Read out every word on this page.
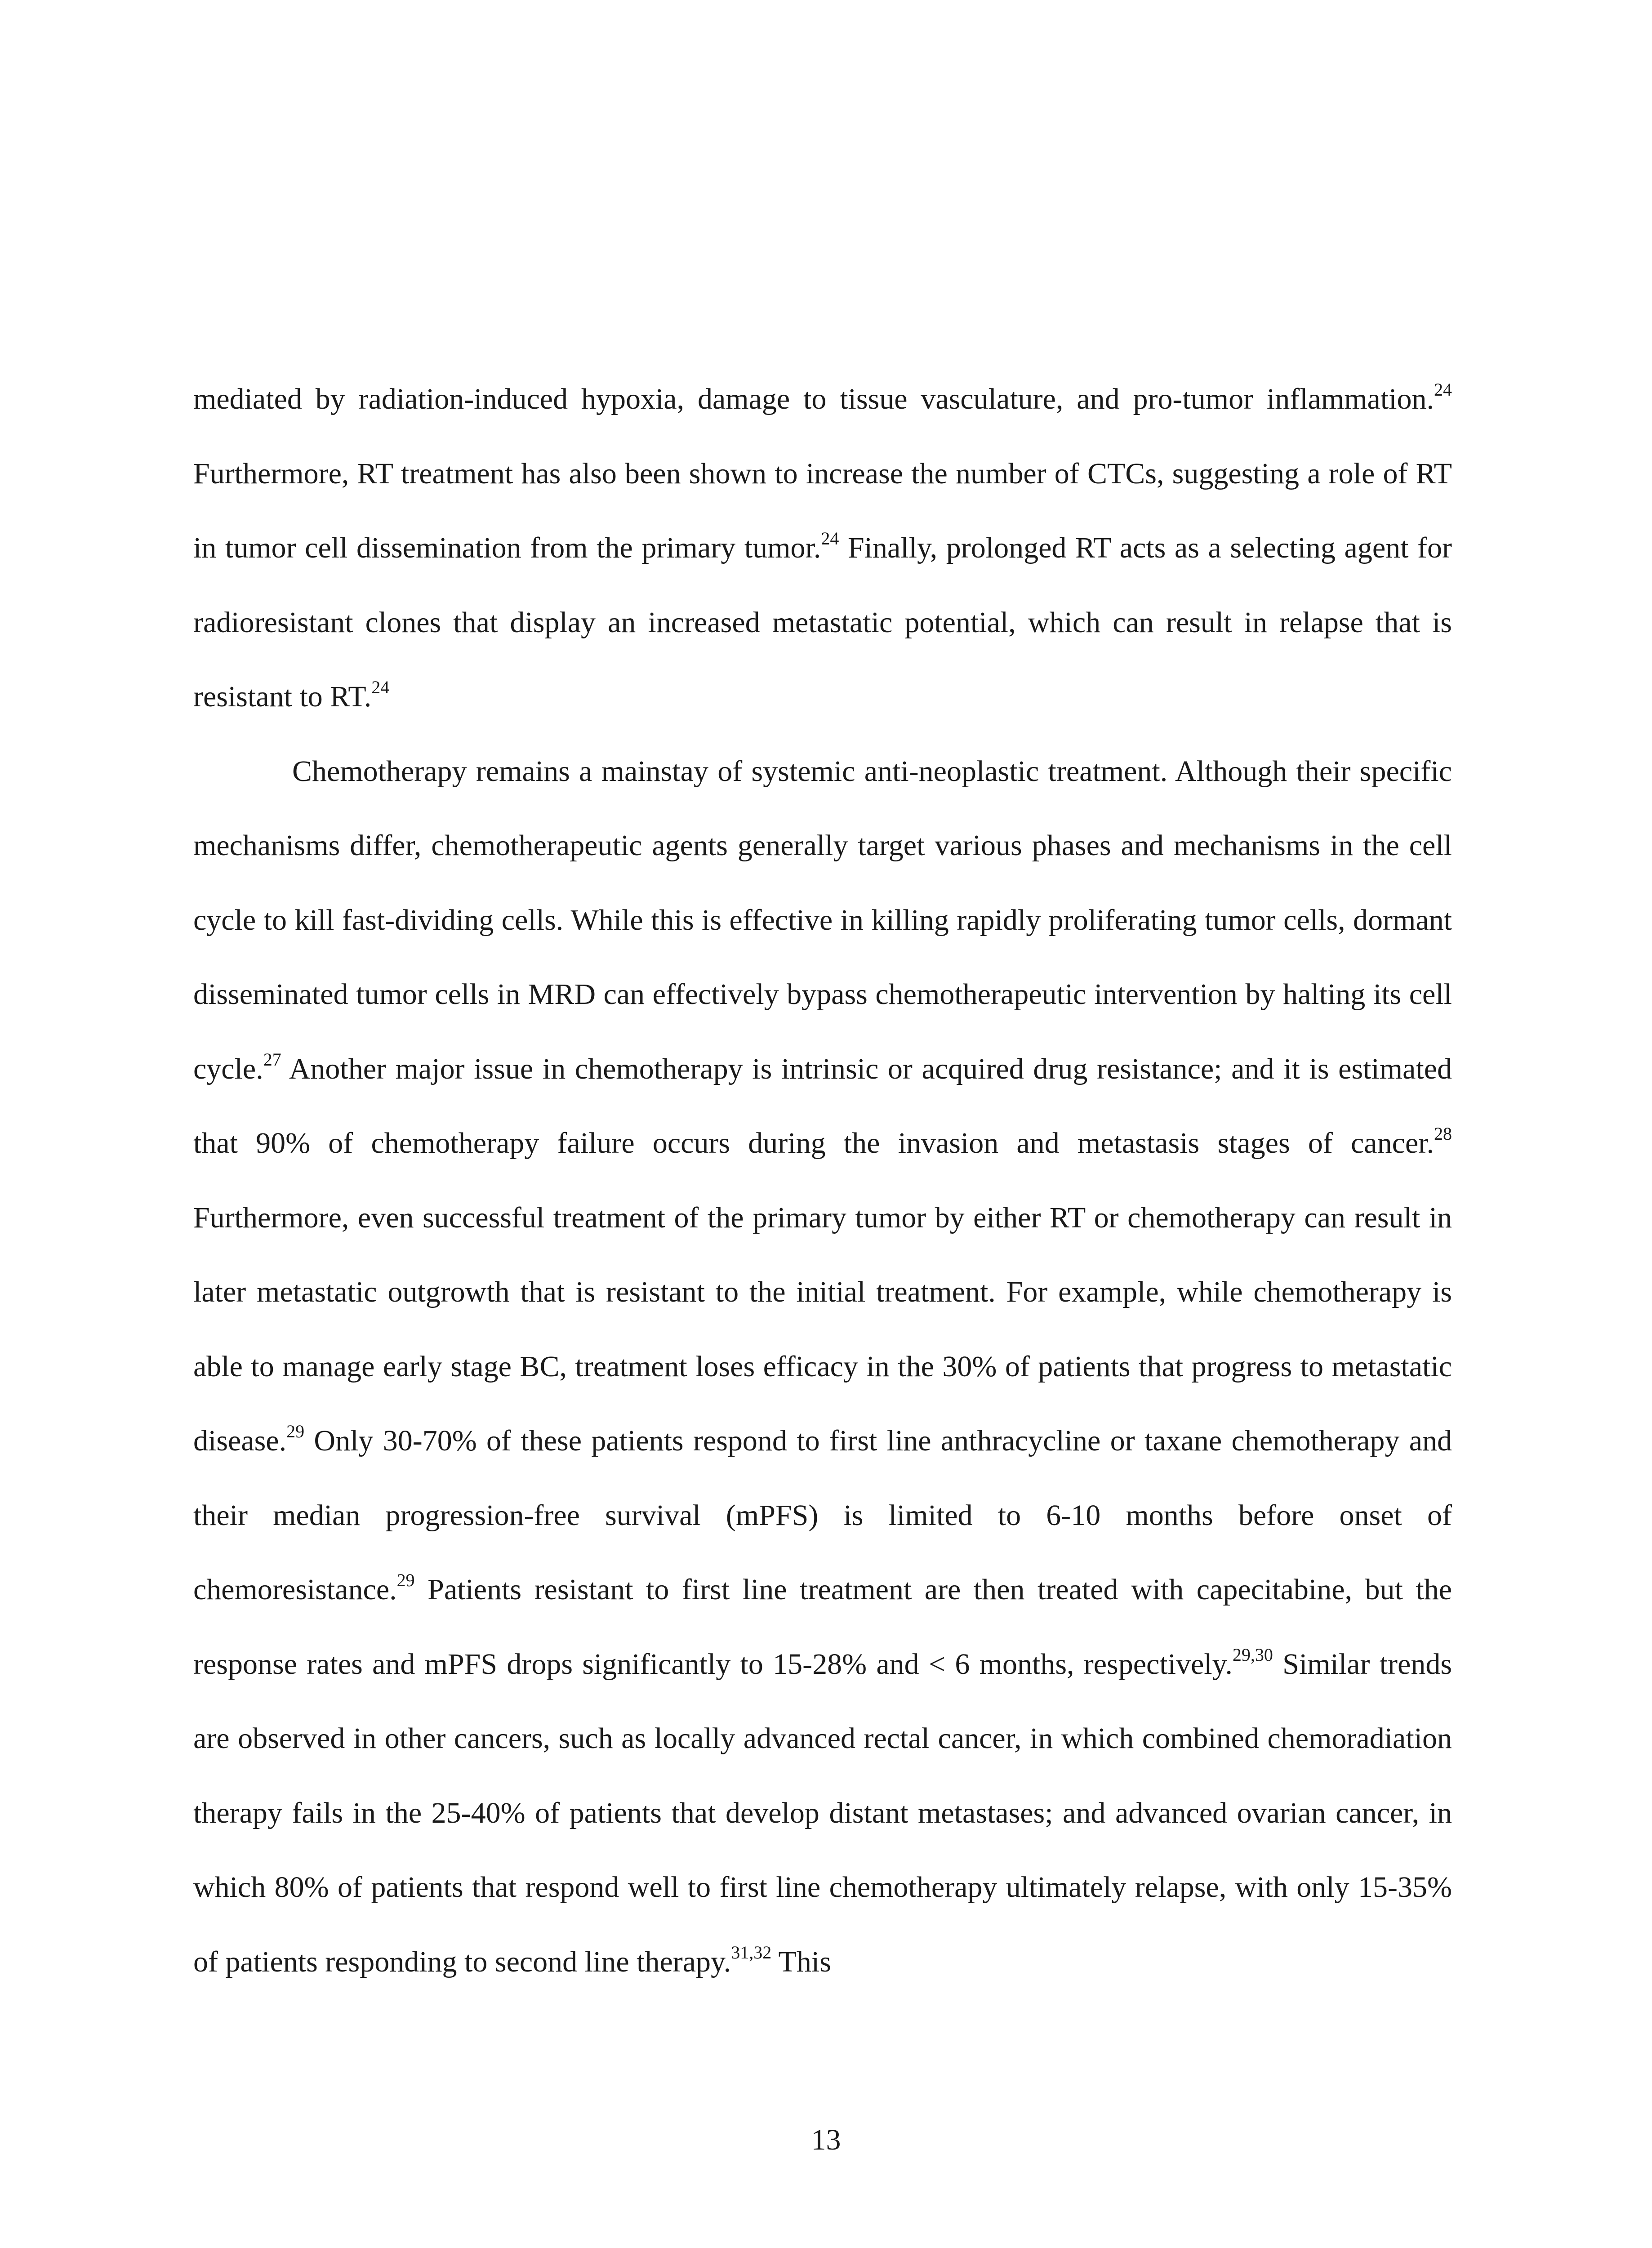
mediated by radiation-induced hypoxia, damage to tissue vasculature, and pro-tumor inflammation.$^{24}$ Furthermore, RT treatment has also been shown to increase the number of CTCs, suggesting a role of RT in tumor cell dissemination from the primary tumor.$^{24}$ Finally, prolonged RT acts as a selecting agent for radioresistant clones that display an increased metastatic potential, which can result in relapse that is resistant to RT.$^{24}$

Chemotherapy remains a mainstay of systemic anti-neoplastic treatment. Although their specific mechanisms differ, chemotherapeutic agents generally target various phases and mechanisms in the cell cycle to kill fast-dividing cells. While this is effective in killing rapidly proliferating tumor cells, dormant disseminated tumor cells in MRD can effectively bypass chemotherapeutic intervention by halting its cell cycle.$^{27}$ Another major issue in chemotherapy is intrinsic or acquired drug resistance; and it is estimated that 90% of chemotherapy failure occurs during the invasion and metastasis stages of cancer.$^{28}$ Furthermore, even successful treatment of the primary tumor by either RT or chemotherapy can result in later metastatic outgrowth that is resistant to the initial treatment. For example, while chemotherapy is able to manage early stage BC, treatment loses efficacy in the 30% of patients that progress to metastatic disease.$^{29}$ Only 30-70% of these patients respond to first line anthracycline or taxane chemotherapy and their median progression-free survival (mPFS) is limited to 6-10 months before onset of chemoresistance.$^{29}$ Patients resistant to first line treatment are then treated with capecitabine, but the response rates and mPFS drops significantly to 15-28% and < 6 months, respectively.$^{29,30}$ Similar trends are observed in other cancers, such as locally advanced rectal cancer, in which combined chemoradiation therapy fails in the 25-40% of patients that develop distant metastases; and advanced ovarian cancer, in which 80% of patients that respond well to first line chemotherapy ultimately relapse, with only 15-35% of patients responding to second line therapy.$^{31,32}$ This

13
